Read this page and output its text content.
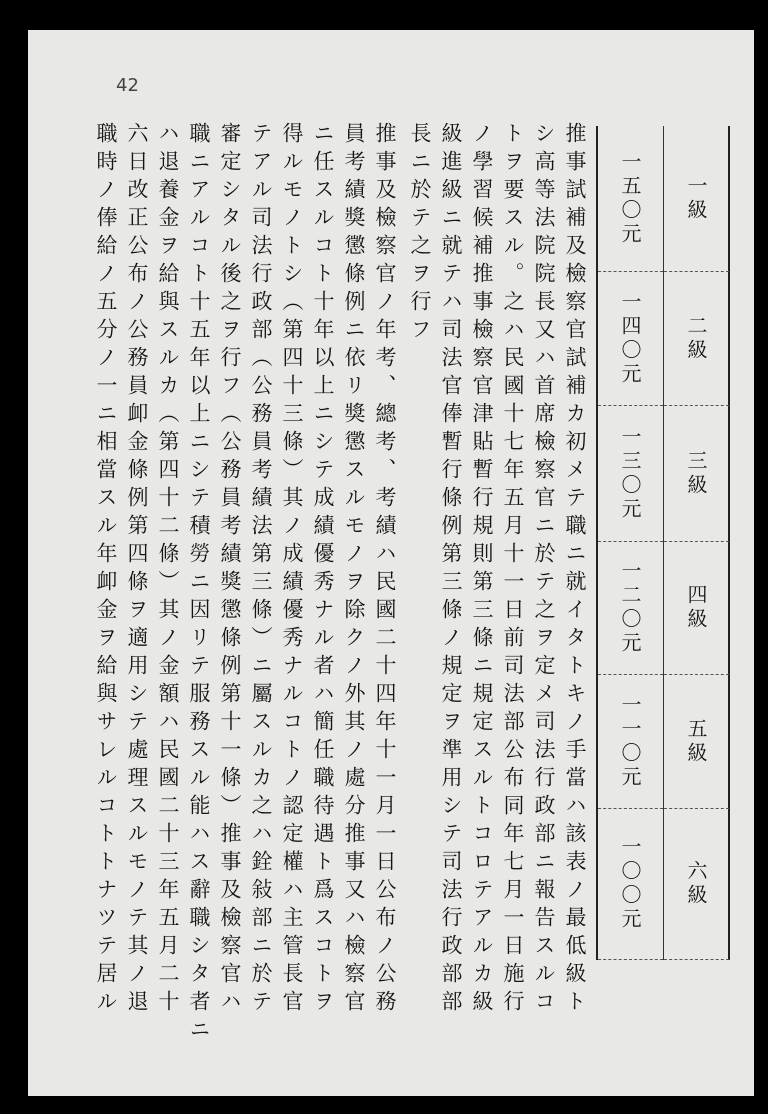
42
一級
二級
三級
四級
五級
六級
一五〇元
一四〇元
一三〇元
一二〇元
一一〇元
一〇〇元
推事試補及檢察官試補カ初メテ職ニ就イタトキノ手當ハ該表ノ最低級ト
シ高等法院院長又ハ首席檢察官ニ於テ之ヲ定メ司法行政部ニ報告スルコ
トヲ要スル。之ハ民國十七年五月十一日前司法部公布同年七月一日施行
ノ學習候補推事檢察官津貼暫行規則第三條ニ規定スルトコロテアルカ級
級進級ニ就テハ司法官俸暫行條例第三條ノ規定ヲ準用シテ司法行政部部
長ニ於テ之ヲ行フ
推事及檢察官ノ年考、總考、考績ハ民國二十四年十一月一日公布ノ公務
員考績獎懲條例ニ依リ獎懲スルモノヲ除クノ外其ノ處分推事又ハ檢察官
ニ任スルコト十年以上ニシテ成績優秀ナル者ハ簡任職待遇ト爲スコトヲ
得ルモノトシ（第四十三條）其ノ成績優秀ナルコトノ認定權ハ主管長官
テアル司法行政部（公務員考績法第三條）ニ屬スルカ之ハ銓敍部ニ於テ
審定シタル後之ヲ行フ（公務員考績獎懲條例第十一條）推事及檢察官ハ
職ニアルコト十五年以上ニシテ積勞ニ因リテ服務スル能ハス辭職シタ者ニ
ハ退養金ヲ給與スルカ（第四十二條）其ノ金額ハ民國二十三年五月二十
六日改正公布ノ公務員卹金條例第四條ヲ適用シテ處理スルモノテ其ノ退
職時ノ俸給ノ五分ノ一ニ相當スル年卹金ヲ給與サレルコトトナツテ居ル
